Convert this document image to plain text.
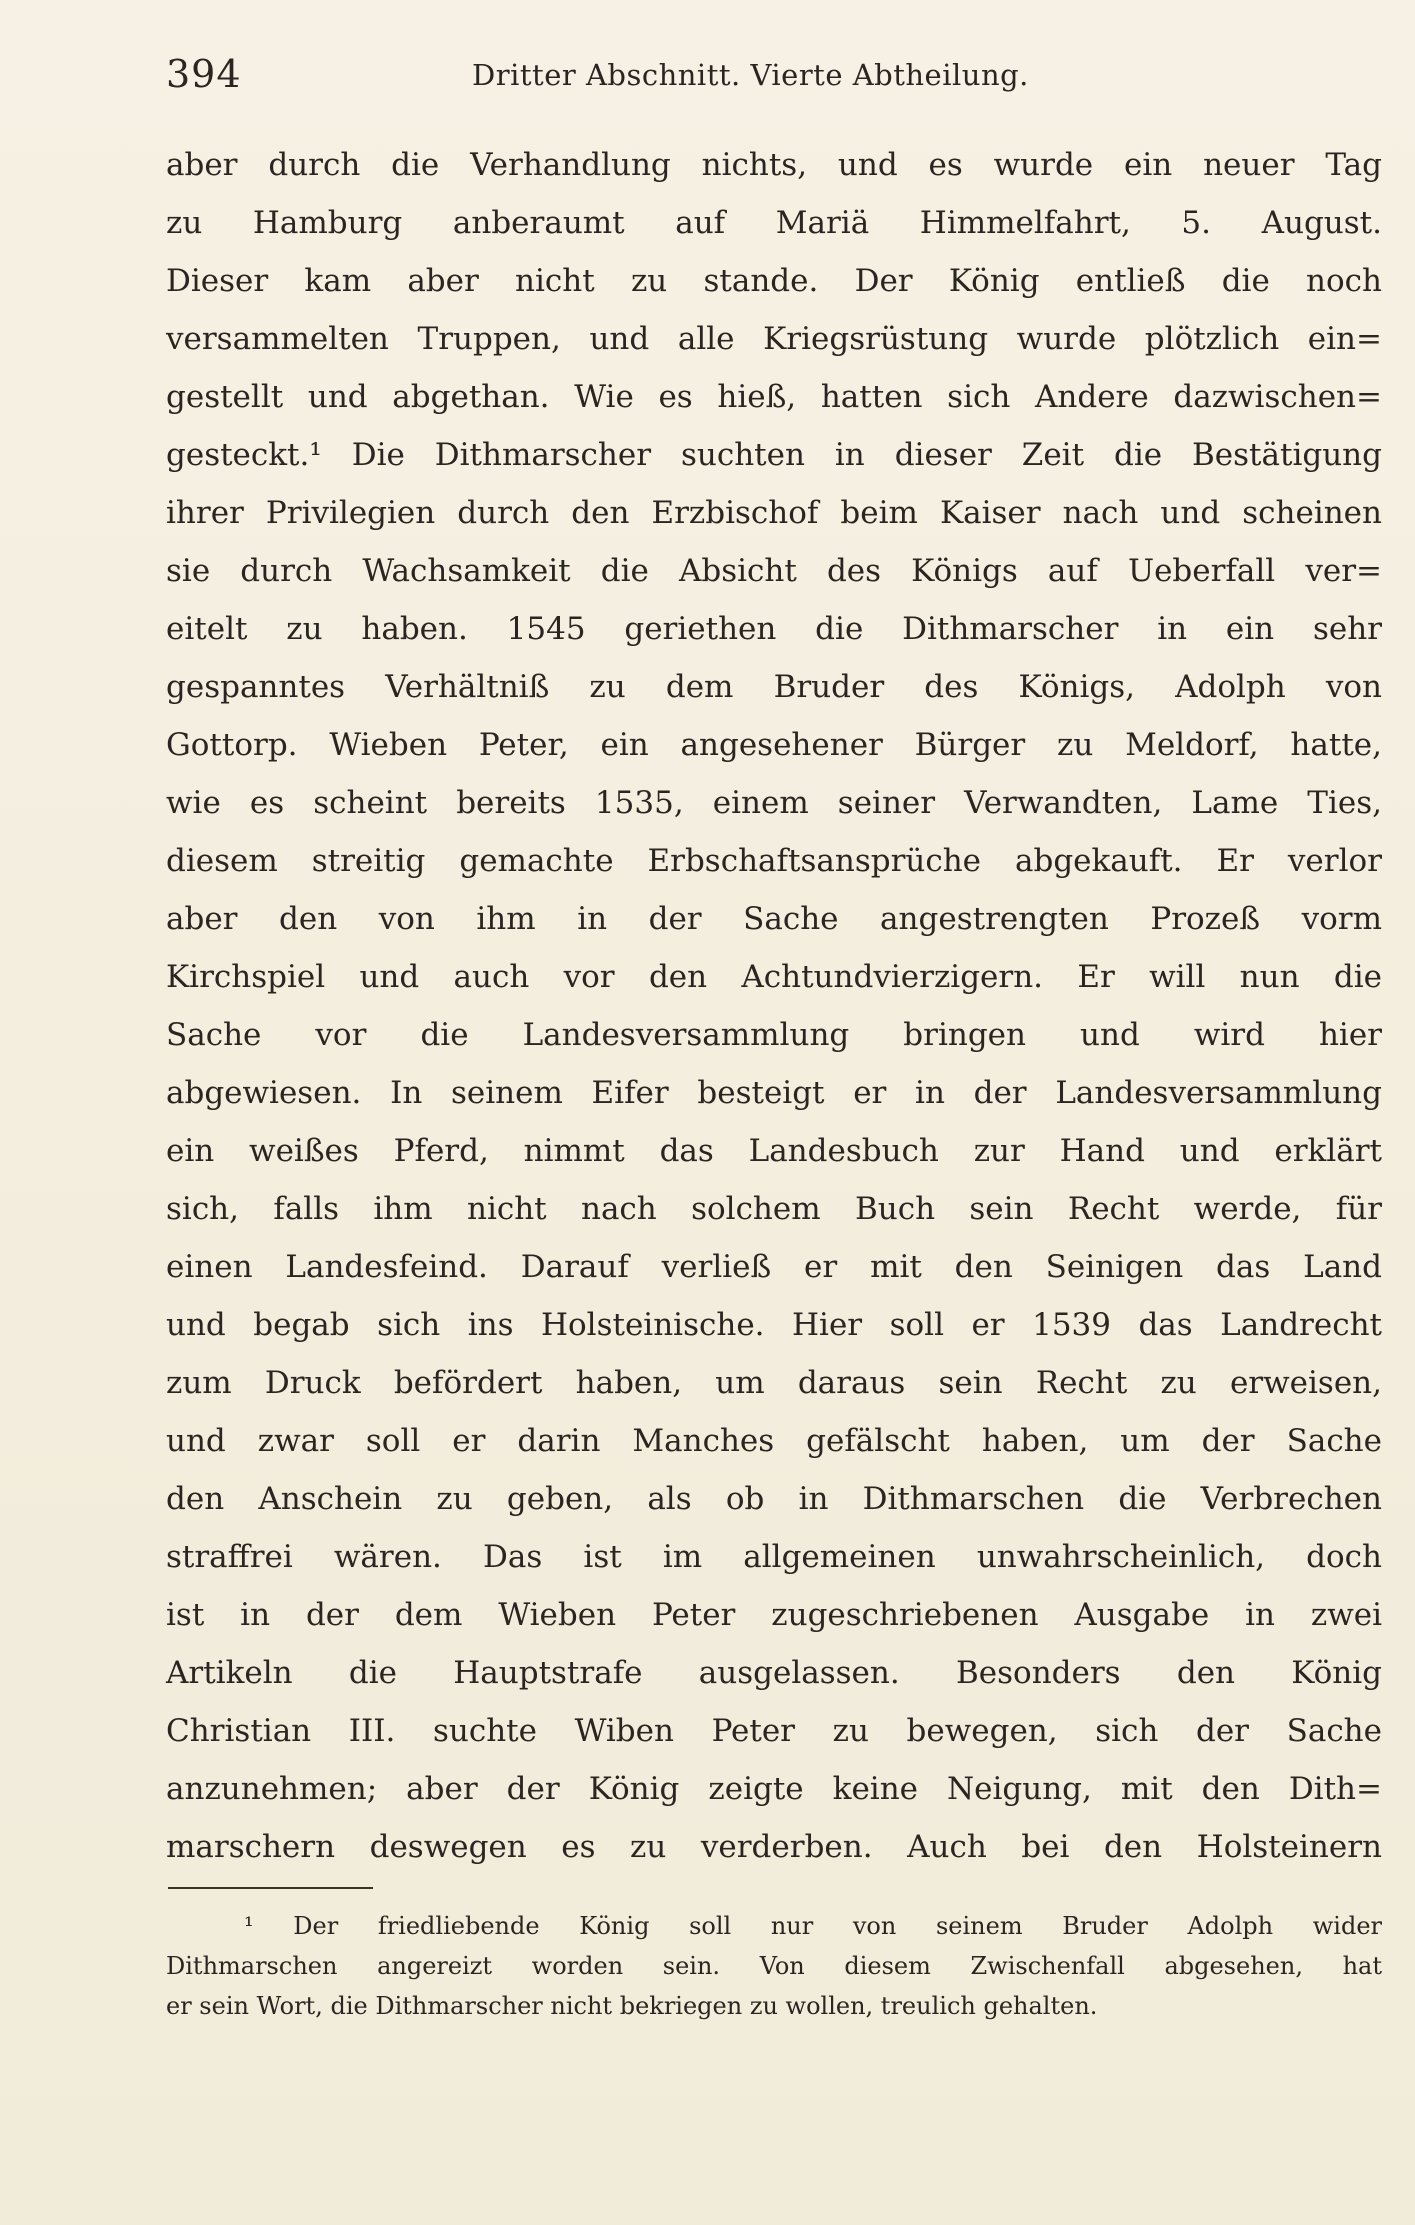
394	Dritter Abschnitt. Vierte Abtheilung.
aber durch die Verhandlung nichts, und es wurde ein neuer Tag
zu Hamburg anberaumt auf Mariä Himmelfahrt, 5. August.
Dieser kam aber nicht zu stande. Der König entließ die noch
versammelten Truppen, und alle Kriegsrüstung wurde plötzlich ein=
gestellt und abgethan. Wie es hieß, hatten sich Andere dazwischen=
gesteckt.¹ Die Dithmarscher suchten in dieser Zeit die Bestätigung
ihrer Privilegien durch den Erzbischof beim Kaiser nach und scheinen
sie durch Wachsamkeit die Absicht des Königs auf Ueberfall ver=
eitelt zu haben. 1545 geriethen die Dithmarscher in ein sehr
gespanntes Verhältniß zu dem Bruder des Königs, Adolph von
Gottorp. Wieben Peter, ein angesehener Bürger zu Meldorf, hatte,
wie es scheint bereits 1535, einem seiner Verwandten, Lame Ties,
diesem streitig gemachte Erbschaftsansprüche abgekauft. Er verlor
aber den von ihm in der Sache angestrengten Prozeß vorm
Kirchspiel und auch vor den Achtundvierzigern. Er will nun die
Sache vor die Landesversammlung bringen und wird hier
abgewiesen. In seinem Eifer besteigt er in der Landesversammlung
ein weißes Pferd, nimmt das Landesbuch zur Hand und erklärt
sich, falls ihm nicht nach solchem Buch sein Recht werde, für
einen Landesfeind. Darauf verließ er mit den Seinigen das Land
und begab sich ins Holsteinische. Hier soll er 1539 das Landrecht
zum Druck befördert haben, um daraus sein Recht zu erweisen,
und zwar soll er darin Manches gefälscht haben, um der Sache
den Anschein zu geben, als ob in Dithmarschen die Verbrechen
straffrei wären. Das ist im allgemeinen unwahrscheinlich, doch
ist in der dem Wieben Peter zugeschriebenen Ausgabe in zwei
Artikeln die Hauptstrafe ausgelassen. Besonders den König
Christian III. suchte Wiben Peter zu bewegen, sich der Sache
anzunehmen; aber der König zeigte keine Neigung, mit den Dith=
marschern deswegen es zu verderben. Auch bei den Holsteinern
¹ Der friedliebende König soll nur von seinem Bruder Adolph wider
Dithmarschen angereizt worden sein. Von diesem Zwischenfall abgesehen, hat
er sein Wort, die Dithmarscher nicht bekriegen zu wollen, treulich gehalten.
